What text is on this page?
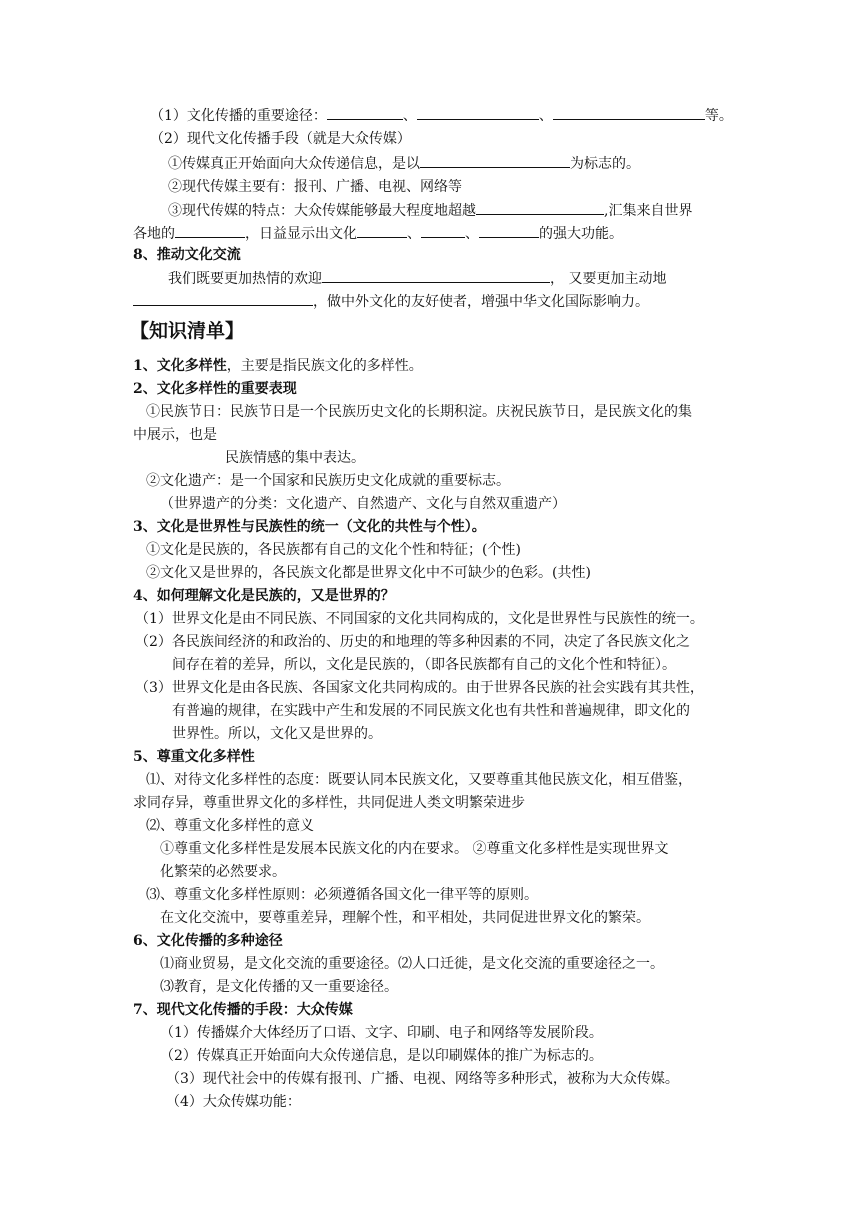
（1）文化传播的重要途径：	、	、	等。
（2）现代文化传播手段（就是大众传媒）
①传媒真正开始面向大众传递信息，是以	为标志的。
②现代传媒主要有：报刊、广播、电视、网络等
③现代传媒的特点：大众传媒能够最大程度地超越	,汇集来自世界
各地的	，日益显示出文化	、	、	的强大功能。
8、推动文化交流
我们既要更加热情的欢迎	， 又要更加主动地
，做中外文化的友好使者，增强中华文化国际影响力。
【知识清单】
1、文化多样性，主要是指民族文化的多样性。
2、文化多样性的重要表现
①民族节日：民族节日是一个民族历史文化的长期积淀。庆祝民族节日，是民族文化的集
中展示，也是
民族情感的集中表达。
②文化遗产：是一个国家和民族历史文化成就的重要标志。
（世界遗产的分类：文化遗产、自然遗产、文化与自然双重遗产）
3、文化是世界性与民族性的统一（文化的共性与个性）。
①文化是民族的，各民族都有自己的文化个性和特征；(个性)
②文化又是世界的，各民族文化都是世界文化中不可缺少的色彩。(共性)
4、如何理解文化是民族的，又是世界的？
（1）世界文化是由不同民族、不同国家的文化共同构成的，文化是世界性与民族性的统一。
（2）各民族间经济的和政治的、历史的和地理的等多种因素的不同，决定了各民族文化之
间存在着的差异，所以，文化是民族的，（即各民族都有自己的文化个性和特征）。
（3）世界文化是由各民族、各国家文化共同构成的。由于世界各民族的社会实践有其共性，
有普遍的规律，在实践中产生和发展的不同民族文化也有共性和普遍规律，即文化的
世界性。所以，文化又是世界的。
5、尊重文化多样性
⑴、对待文化多样性的态度：既要认同本民族文化，又要尊重其他民族文化，相互借鉴，
求同存异，尊重世界文化的多样性，共同促进人类文明繁荣进步
⑵、尊重文化多样性的意义
①尊重文化多样性是发展本民族文化的内在要求。 ②尊重文化多样性是实现世界文
化繁荣的必然要求。
⑶、尊重文化多样性原则：必须遵循各国文化一律平等的原则。
在文化交流中，要尊重差异，理解个性，和平相处，共同促进世界文化的繁荣。
6、文化传播的多种途径
⑴商业贸易，是文化交流的重要途径。⑵人口迁徙，是文化交流的重要途径之一。
⑶教育，是文化传播的又一重要途径。
7、现代文化传播的手段：大众传媒
（1）传播媒介大体经历了口语、文字、印刷、电子和网络等发展阶段。
（2）传媒真正开始面向大众传递信息，是以印刷媒体的推广为标志的。
（3）现代社会中的传媒有报刊、广播、电视、网络等多种形式，被称为大众传媒。
（4）大众传媒功能：
